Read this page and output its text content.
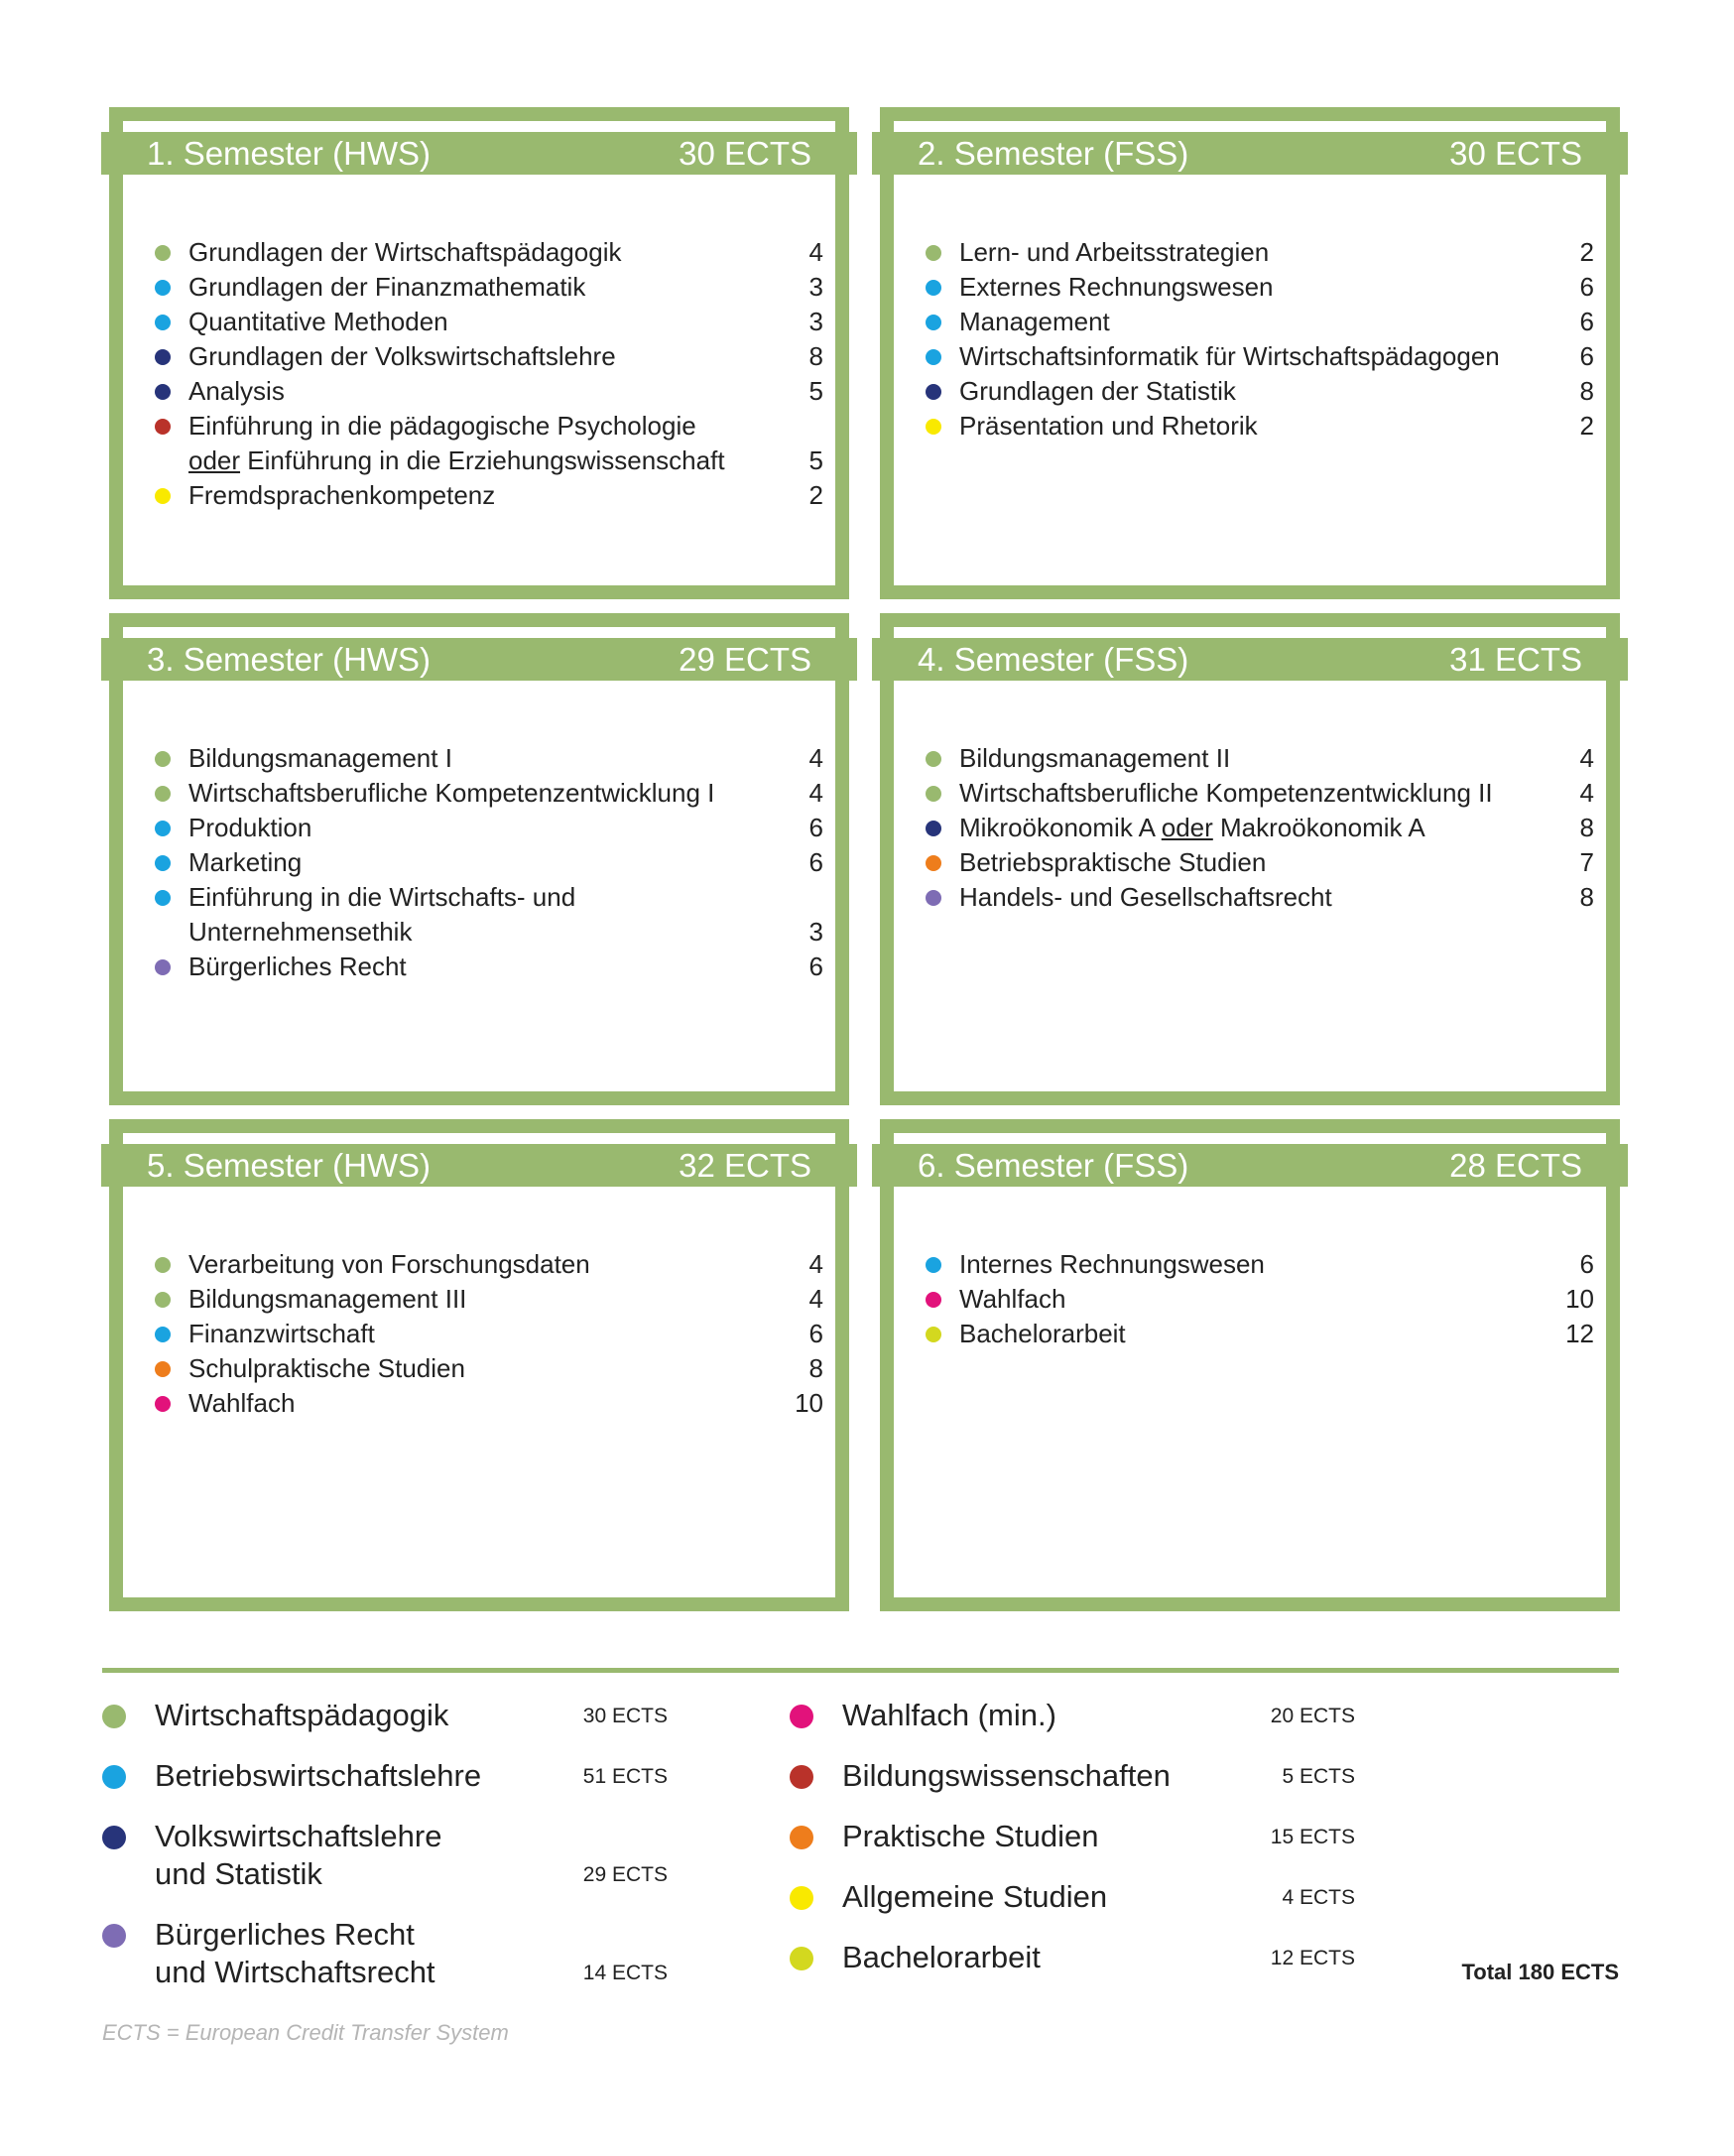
1. Semester (HWS)	30 ECTS
Grundlagen der Wirtschaftspädagogik	4
Grundlagen der Finanzmathematik	3
Quantitative Methoden	3
Grundlagen der Volkswirtschaftslehre	8
Analysis	5
Einführung in die pädagogische Psychologie
oder Einführung in die Erziehungswissenschaft	5
Fremdsprachenkompetenz	2
2. Semester (FSS)	30 ECTS
Lern- und Arbeitsstrategien	2
Externes Rechnungswesen	6
Management	6
Wirtschaftsinformatik für Wirtschaftspädagogen	6
Grundlagen der Statistik	8
Präsentation und Rhetorik	2
3. Semester (HWS)	29 ECTS
Bildungsmanagement I	4
Wirtschaftsberufliche Kompetenzentwicklung I	4
Produktion	6
Marketing	6
Einführung in die Wirtschafts- und
Unternehmensethik	3
Bürgerliches Recht	6
4. Semester (FSS)	31 ECTS
Bildungsmanagement II	4
Wirtschaftsberufliche Kompetenzentwicklung II	4
Mikroökonomik A oder Makroökonomik A	8
Betriebspraktische Studien	7
Handels- und Gesellschaftsrecht	8
5. Semester (HWS)	32 ECTS
Verarbeitung von Forschungsdaten	4
Bildungsmanagement III	4
Finanzwirtschaft	6
Schulpraktische Studien	8
Wahlfach	10
6. Semester (FSS)	28 ECTS
Internes Rechnungswesen	6
Wahlfach	10
Bachelorarbeit	12
Wirtschaftspädagogik	30 ECTS
Betriebswirtschaftslehre	51 ECTS
Volkswirtschaftslehre
und Statistik	29 ECTS
Bürgerliches Recht
und Wirtschaftsrecht	14 ECTS
Wahlfach (min.)	20 ECTS
Bildungswissenschaften	5 ECTS
Praktische Studien	15 ECTS
Allgemeine Studien	4 ECTS
Bachelorarbeit	12 ECTS
Total 180 ECTS
ECTS = European Credit Transfer System
